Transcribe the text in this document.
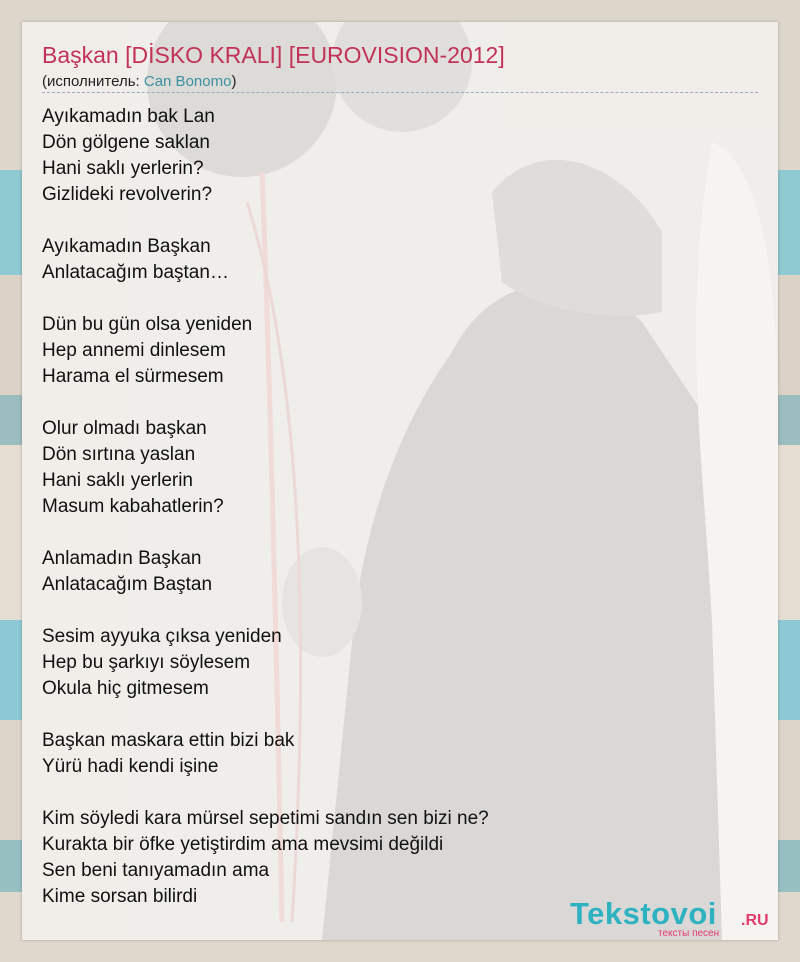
Başkan [DİSKO KRALI] [EUROVISION-2012]
(исполнитель: Can Bonomo)
Ayıkamadın bak Lan
Dön gölgene saklan
Hani saklı yerlerin?
Gizlideki revolverin?
Ayıkamadın Başkan
Anlatacağım baştan…
Dün bu gün olsa yeniden
Hep annemi dinlesem
Harama el sürmesem
Olur olmadı başkan
Dön sırtına yaslan
Hani saklı yerlerin
Masum kabahatlerin?
Anlamadın Başkan
Anlatacağım Baştan
Sesim ayyuka çıksa yeniden
Hep bu şarkıyı söylesem
Okula hiç gitmesem
Başkan maskara ettin bizi bak
Yürü hadi kendi işine
Kim söyledi kara mürsel sepetimi sandın sen bizi ne?
Kurakta bir öfke yetiştirdim ama mevsimi değildi
Sen beni tanıyamadın ama
Kime sorsan bilirdi	Tekstovoi .RU
тексты песен
